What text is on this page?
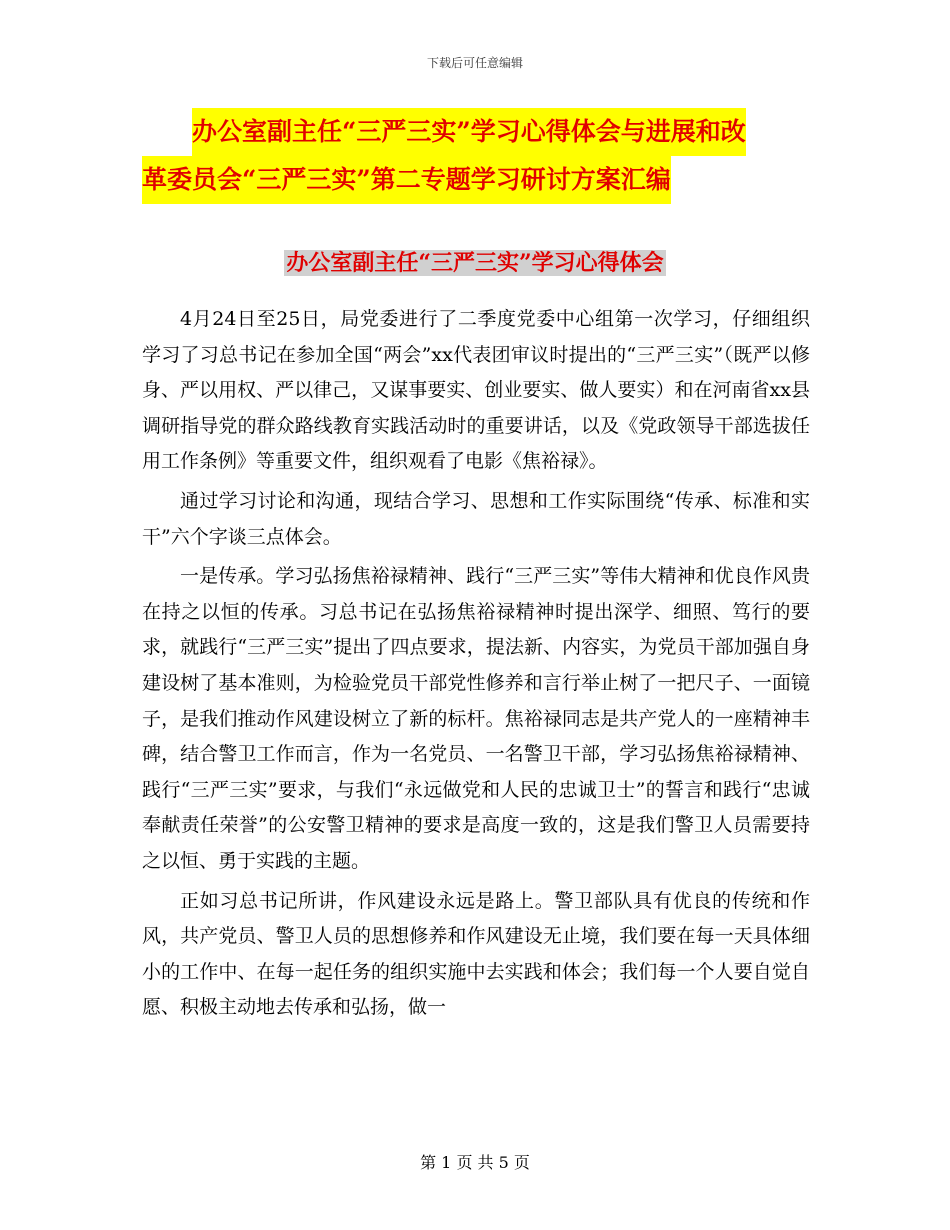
下载后可任意编辑
办公室副主任“三严三实”学习心得体会与进展和改
革委员会“三严三实”第二专题学习研讨方案汇编
办公室副主任“三严三实”学习心得体会

4月24日至25日，局党委进行了二季度党委中心组第一次学习，仔细组织学习了习总书记在参加全国“两会”xx代表团审议时提出的“三严三实”（既严以修身、严以用权、严以律己，又谋事要实、创业要实、做人要实）和在河南省xx县调研指导党的群众路线教育实践活动时的重要讲话，以及《党政领导干部选拔任用工作条例》等重要文件，组织观看了电影《焦裕禄》。

通过学习讨论和沟通，现结合学习、思想和工作实际围绕“传承、标准和实干”六个字谈三点体会。

一是传承。学习弘扬焦裕禄精神、践行“三严三实”等伟大精神和优良作风贵在持之以恒的传承。习总书记在弘扬焦裕禄精神时提出深学、细照、笃行的要求，就践行“三严三实”提出了四点要求，提法新、内容实，为党员干部加强自身建设树了基本准则，为检验党员干部党性修养和言行举止树了一把尺子、一面镜子，是我们推动作风建设树立了新的标杆。焦裕禄同志是共产党人的一座精神丰碑，结合警卫工作而言，作为一名党员、一名警卫干部，学习弘扬焦裕禄精神、践行“三严三实”要求，与我们“永远做党和人民的忠诚卫士”的誓言和践行“忠诚奉献责任荣誉”的公安警卫精神的要求是高度一致的，这是我们警卫人员需要持之以恒、勇于实践的主题。

正如习总书记所讲，作风建设永远是路上。警卫部队具有优良的传统和作风，共产党员、警卫人员的思想修养和作风建设无止境，我们要在每一天具体细小的工作中、在每一起任务的组织实施中去实践和体会；我们每一个人要自觉自愿、积极主动地去传承和弘扬，做一

第 1 页 共 5 页
